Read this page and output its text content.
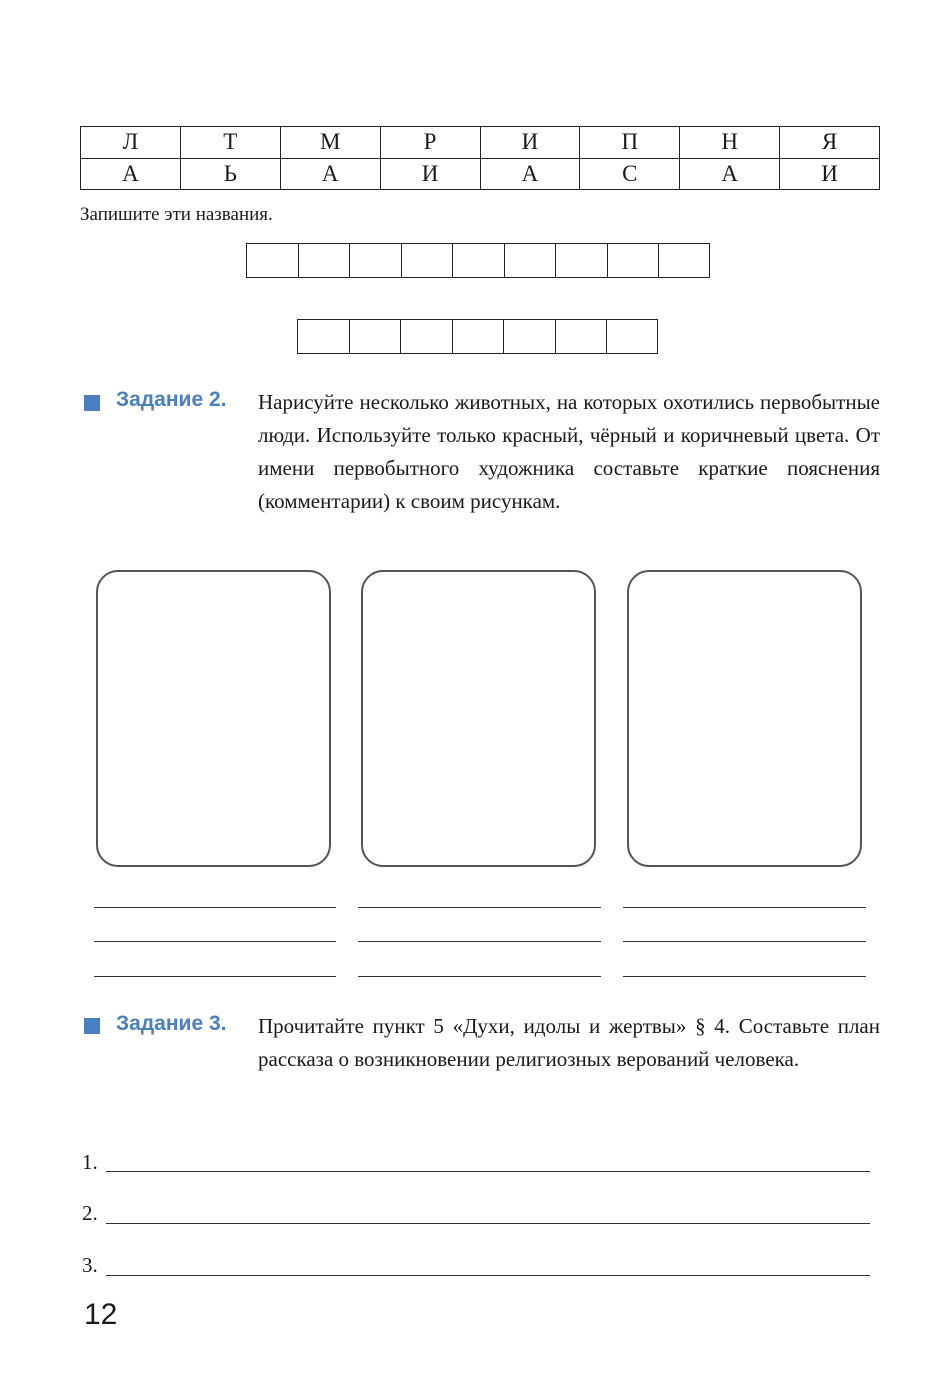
Л	Т	М	Р	И	П	Н	Я
А	Ь	А	И	А	С	А	И
Запишите эти названия.
Задание 2. Нарисуйте несколько животных, на которых охотились первобытные люди. Используйте только красный, чёрный и коричневый цвета. От имени первобытного художника составьте краткие пояснения (комментарии) к своим рисункам.
Задание 3. Прочитайте пункт 5 «Духи, идолы и жертвы» § 4. Составьте план рассказа о возникновении религиозных верований человека.
1.
2.
3.
12
